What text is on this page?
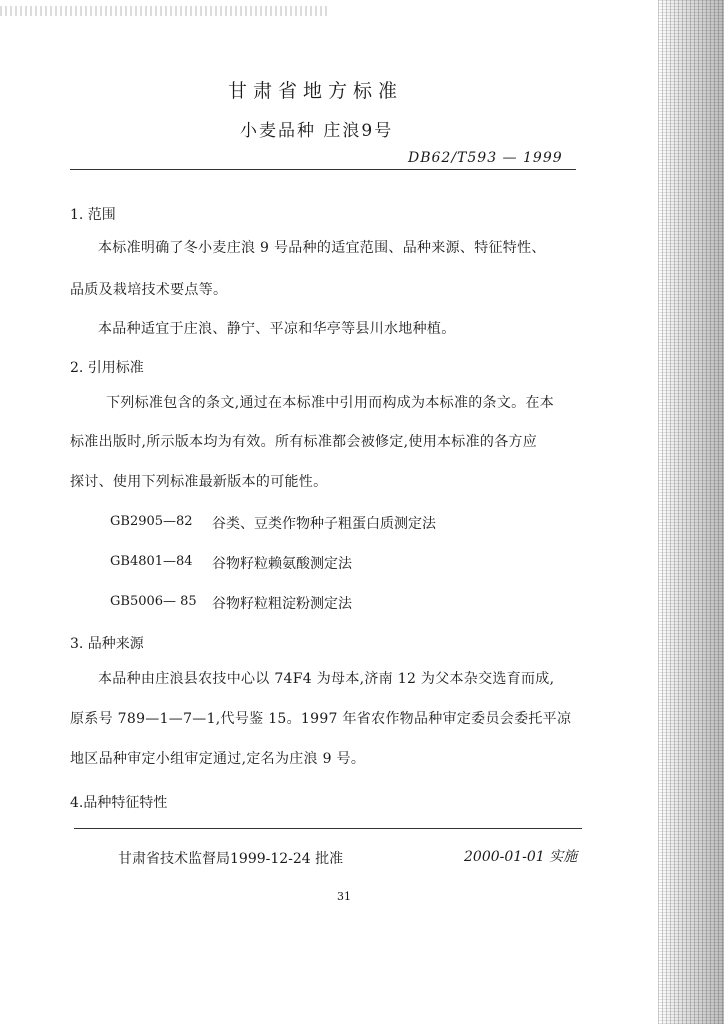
甘肃省地方标准
小麦品种 庄浪9号
DB62/T593 — 1999
1. 范围
本标准明确了冬小麦庄浪 9 号品种的适宜范围、品种来源、特征特性、
品质及栽培技术要点等。
本品种适宜于庄浪、静宁、平凉和华亭等县川水地种植。
2. 引用标准
下列标准包含的条文,通过在本标准中引用而构成为本标准的条文。在本
标准出版时,所示版本均为有效。所有标准都会被修定,使用本标准的各方应
探讨、使用下列标准最新版本的可能性。
GB2905—82 谷类、豆类作物种子粗蛋白质测定法
GB4801—84 谷物籽粒赖氨酸测定法
GB5006— 85 谷物籽粒粗淀粉测定法
3. 品种来源
本品种由庄浪县农技中心以 74F4 为母本,济南 12 为父本杂交选育而成,
原系号 789—1—7—1,代号鉴 15。1997 年省农作物品种审定委员会委托平凉
地区品种审定小组审定通过,定名为庄浪 9 号。
4.品种特征特性
甘肃省技术监督局1999-12-24 批准	2000-01-01 实施
31
